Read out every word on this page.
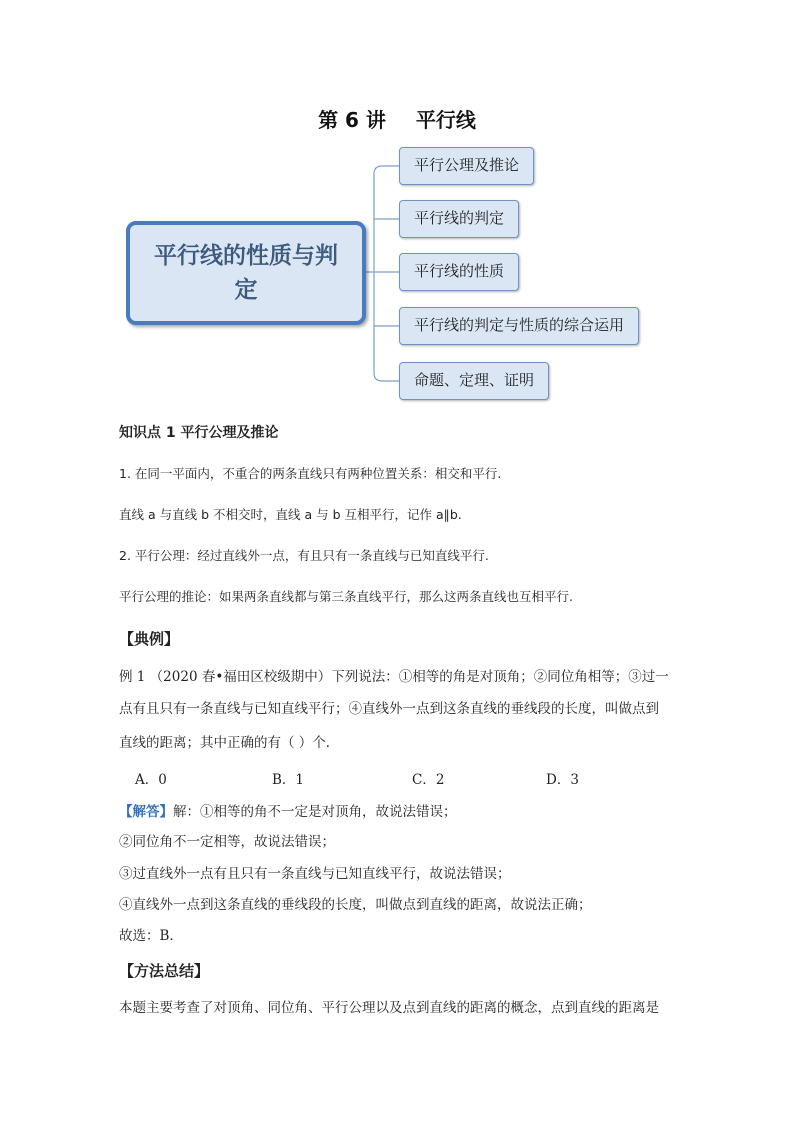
第 6 讲 平行线
平行线的性质与判定
平行公理及推论
平行线的判定
平行线的性质
平行线的判定与性质的综合运用
命题、定理、证明
知识点 1 平行公理及推论
1. 在同一平面内，不重合的两条直线只有两种位置关系：相交和平行.
直线 a 与直线 b 不相交时，直线 a 与 b 互相平行，记作 a∥b.
2. 平行公理：经过直线外一点，有且只有一条直线与已知直线平行.
平行公理的推论：如果两条直线都与第三条直线平行，那么这两条直线也互相平行.
【典例】
例 1 （2020 春•福田区校级期中）下列说法：①相等的角是对顶角；②同位角相等；③过一
点有且只有一条直线与已知直线平行；④直线外一点到这条直线的垂线段的长度，叫做点到
直线的距离；其中正确的有（ ）个．
A．0	B．1	C．2	D．3
【解答】解：①相等的角不一定是对顶角，故说法错误；
②同位角不一定相等，故说法错误；
③过直线外一点有且只有一条直线与已知直线平行，故说法错误；
④直线外一点到这条直线的垂线段的长度，叫做点到直线的距离，故说法正确；
故选：B．
【方法总结】
本题主要考查了对顶角、同位角、平行公理以及点到直线的距离的概念，点到直线的距离是
